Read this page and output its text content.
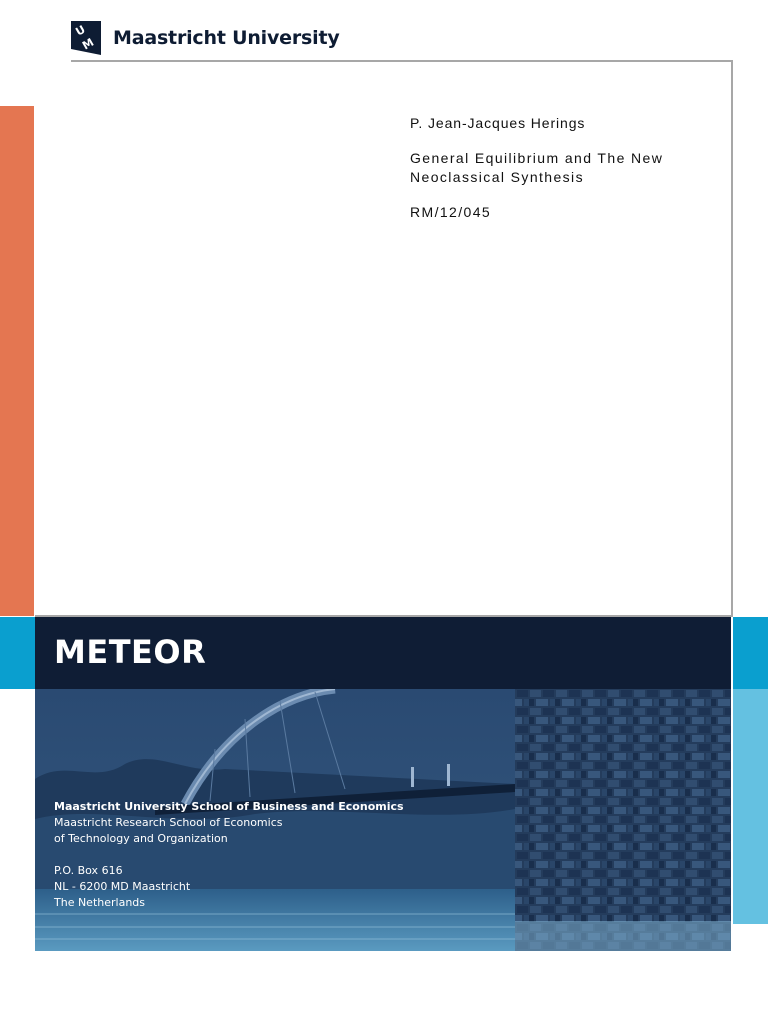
U
M Maastricht University

P. Jean-Jacques Herings

General Equilibrium and The New
Neoclassical Synthesis

RM/12/045

METEOR
Maastricht University School of Business and Economics
Maastricht Research School of Economics
of Technology and Organization
P.O. Box 616
NL - 6200 MD Maastricht
The Netherlands
